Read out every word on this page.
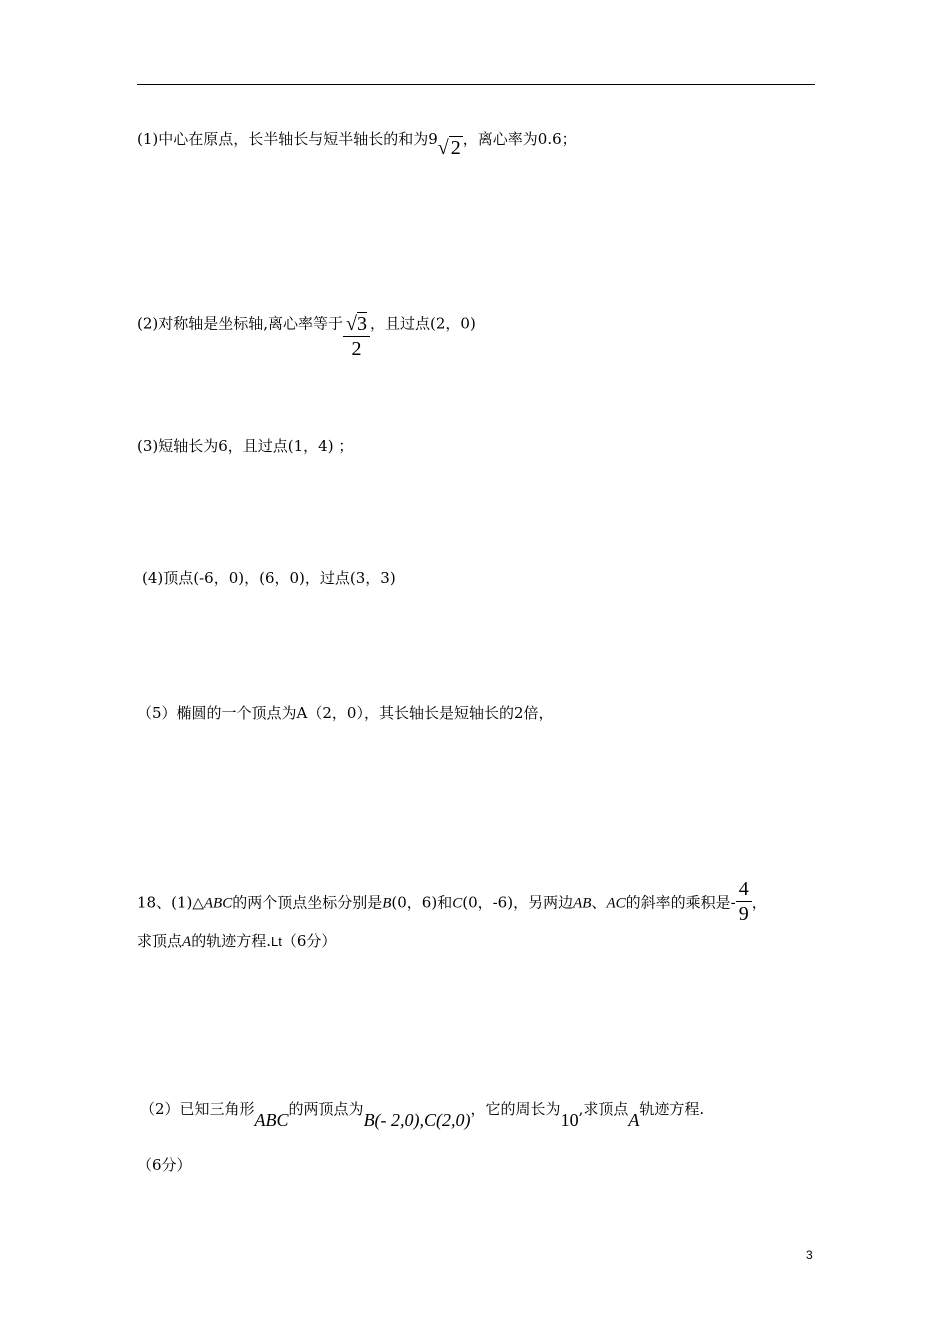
(1)中心在原点，长半轴长与短半轴长的和为9√ 2 ，离心率为0.6；
(2)对称轴是坐标轴,离心率等于 $\frac{√3}{2}$ ，且过点(2，0)
(3)短轴长为6，且过点(1，4) ；
(4)顶点(-6，0)，(6，0)，过点(3，3)
（5）椭圆的一个顶点为A（2，0），其长轴长是短轴长的2倍，
18、(1)△ABC的两个顶点坐标分别是B(0，6)和C(0，-6)，另两边AB、AC的斜率的乘积是- $\frac{4}{9}$ ，
求顶点A的轨迹方程.Lt（6分）
（2）已知三角形ABC的两顶点为B(- 2,0),C(2,0)，它的周长为10,求顶点A轨迹方程.
（6分）
3
